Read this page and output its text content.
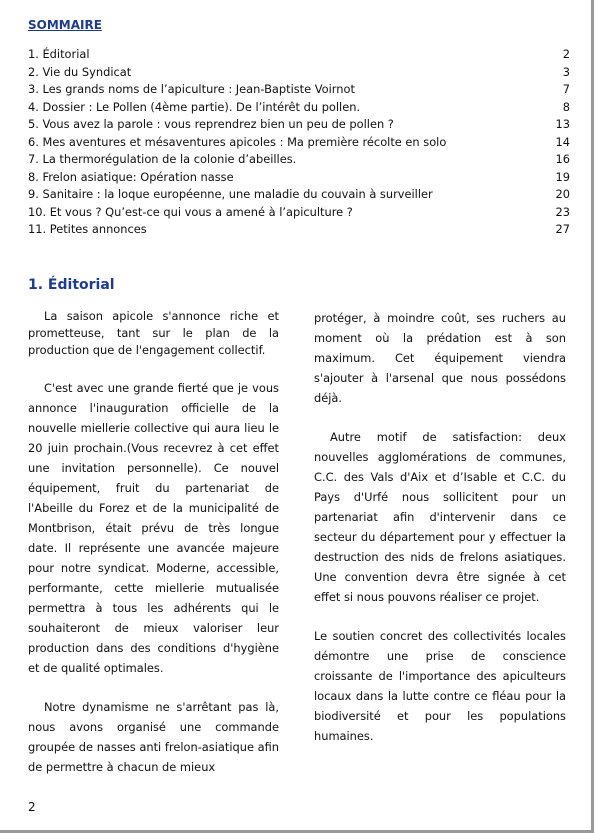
SOMMAIRE
1. Éditorial	2
2. Vie du Syndicat	3
3. Les grands noms de l’apiculture : Jean-Baptiste Voirnot	7
4. Dossier : Le Pollen (4ème partie). De l’intérêt du pollen.	8
5. Vous avez la parole : vous reprendrez bien un peu de pollen ?	13
6. Mes aventures et mésaventures apicoles : Ma première récolte en solo	14
7. La thermorégulation de la colonie d’abeilles.	16
8. Frelon asiatique: Opération nasse	19
9. Sanitaire : la loque européenne, une maladie du couvain à surveiller	20
10. Et vous ? Qu’est-ce qui vous a amené à l’apiculture ?	23
11. Petites annonces	27
1. Éditorial

La saison apicole s'annonce riche et prometteuse, tant sur le plan de la production que de l'engagement collectif.

C'est avec une grande fierté que je vous annonce l'inauguration officielle de la nouvelle miellerie collective qui aura lieu le 20 juin prochain.(Vous recevrez à cet effet une invitation personnelle). Ce nouvel équipement, fruit du partenariat de l'Abeille du Forez et de la municipalité de Montbrison, était prévu de très longue date. Il représente une avancée majeure pour notre syndicat. Moderne, accessible, performante, cette miellerie mutualisée permettra à tous les adhérents qui le souhaiteront de mieux valoriser leur production dans des conditions d'hygiène et de qualité optimales.

Notre dynamisme ne s'arrêtant pas là, nous avons organisé une commande groupée de nasses anti frelon-asiatique afin de permettre à chacun de mieux

protéger, à moindre coût, ses ruchers au moment où la prédation est à son maximum. Cet équipement viendra s'ajouter à l'arsenal que nous possédons déjà.

Autre motif de satisfaction: deux nouvelles agglomérations de communes, C.C. des Vals d'Aix et d’Isable et C.C. du Pays d'Urfé nous sollicitent pour un partenariat afin d'intervenir dans ce secteur du département pour y effectuer la destruction des nids de frelons asiatiques. Une convention devra être signée à cet effet si nous pouvons réaliser ce projet.

Le soutien concret des collectivités locales démontre une prise de conscience croissante de l'importance des apiculteurs locaux dans la lutte contre ce fléau pour la biodiversité et pour les populations humaines.

2
